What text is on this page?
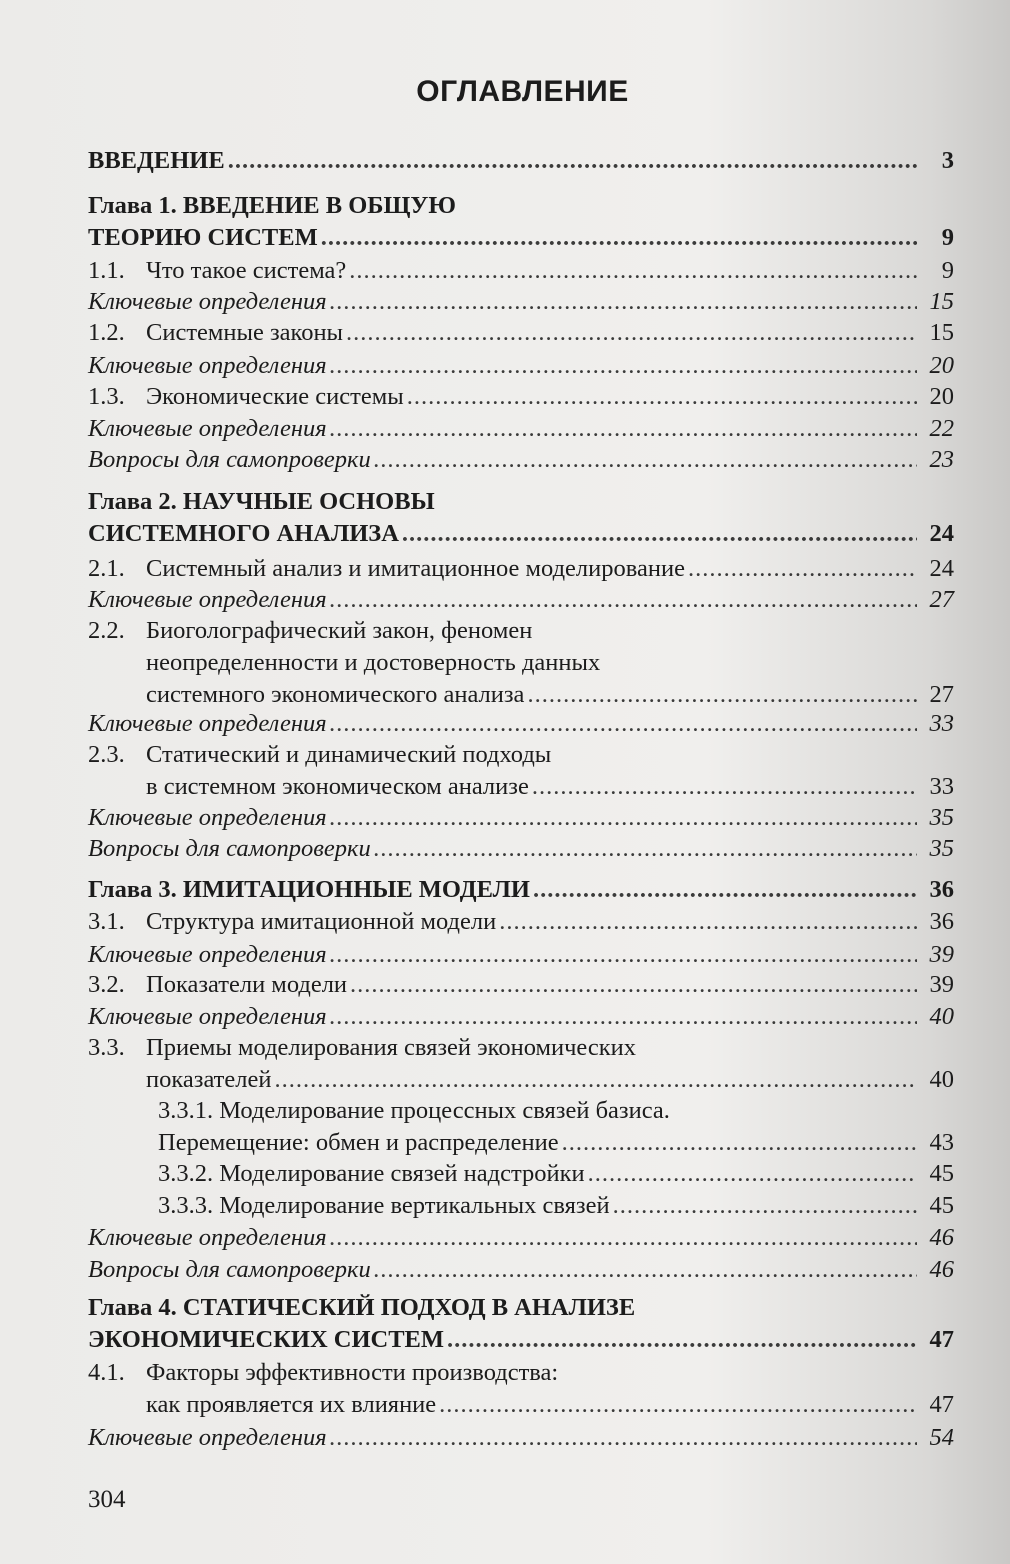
ОГЛАВЛЕНИЕ
ВВЕДЕНИЕ .....	3
Глава 1. ВВЕДЕНИЕ В ОБЩУЮ
ТЕОРИЮ СИСТЕМ .....	9
1.1. Что такое система? .....	9
Ключевые определения .....	15
1.2. Системные законы .....	15
Ключевые определения .....	20
1.3. Экономические системы .....	20
Ключевые определения .....	22
Вопросы для самопроверки .....	23
Глава 2. НАУЧНЫЕ ОСНОВЫ
СИСТЕМНОГО АНАЛИЗА .....	24
2.1. Системный анализ и имитационное моделирование .....	24
Ключевые определения .....	27
2.2. Биоголографический закон, феномен
неопределенности и достоверность данных
системного экономического анализа .....	27
Ключевые определения .....	33
2.3. Статический и динамический подходы
в системном экономическом анализе .....	33
Ключевые определения .....	35
Вопросы для самопроверки .....	35
Глава 3. ИМИТАЦИОННЫЕ МОДЕЛИ .....	36
3.1. Структура имитационной модели .....	36
Ключевые определения .....	39
3.2. Показатели модели .....	39
Ключевые определения .....	40
3.3. Приемы моделирования связей экономических
показателей .....	40
3.3.1. Моделирование процессных связей базиса.
Перемещение: обмен и распределение .....	43
3.3.2. Моделирование связей надстройки .....	45
3.3.3. Моделирование вертикальных связей .....	45
Ключевые определения .....	46
Вопросы для самопроверки .....	46
Глава 4. СТАТИЧЕСКИЙ ПОДХОД В АНАЛИЗЕ
ЭКОНОМИЧЕСКИХ СИСТЕМ .....	47
4.1. Факторы эффективности производства:
как проявляется их влияние .....	47
Ключевые определения .....	54
304
